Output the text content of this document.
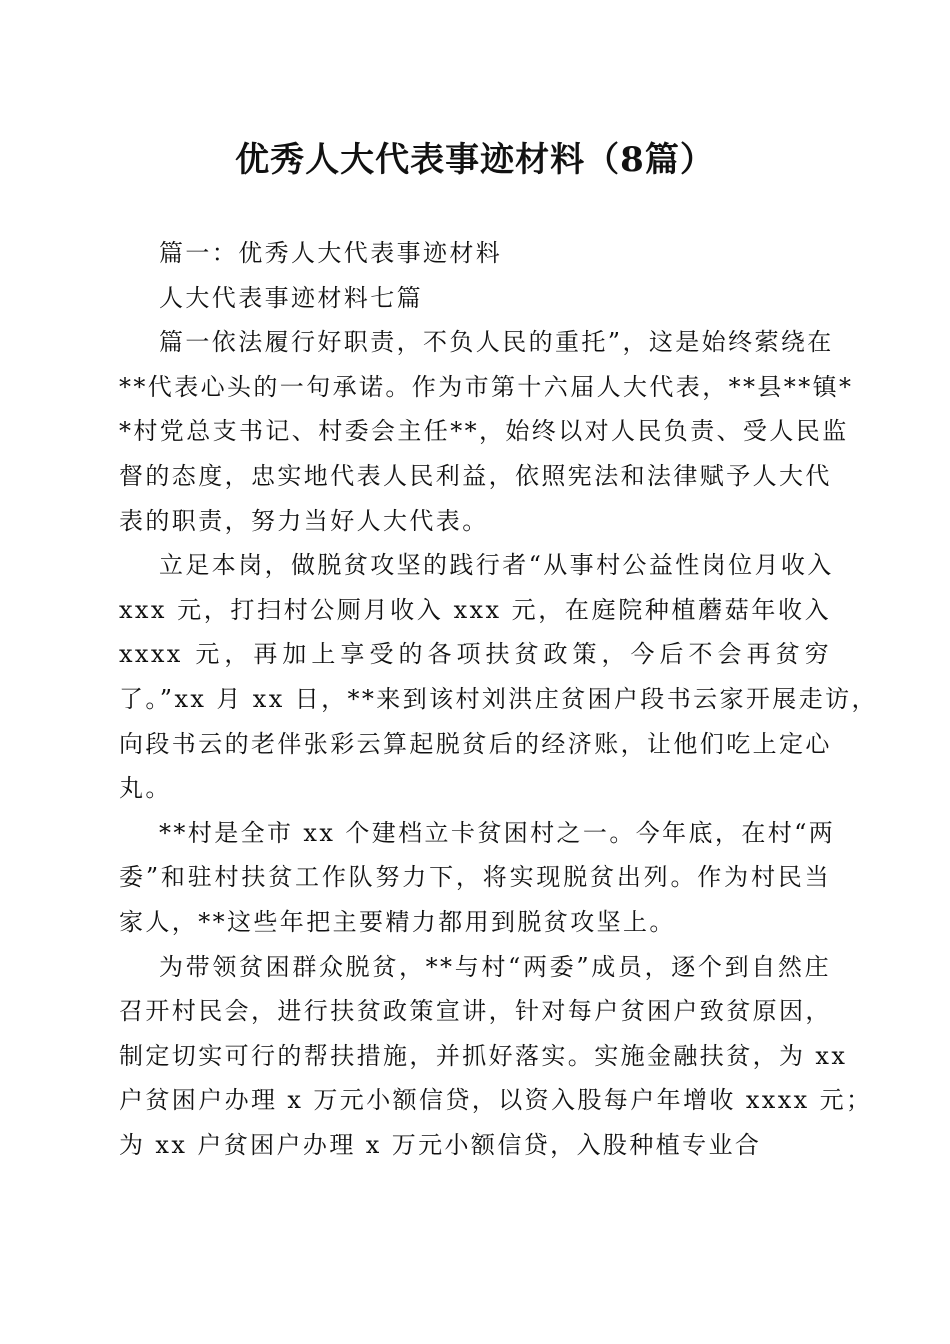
优秀人大代表事迹材料（8篇）
篇一：优秀人大代表事迹材料
人大代表事迹材料七篇
篇一依法履行好职责，不负人民的重托”，这是始终萦绕在
**代表心头的一句承诺。作为市第十六届人大代表，**县**镇*
*村党总支书记、村委会主任**，始终以对人民负责、受人民监
督的态度，忠实地代表人民利益，依照宪法和法律赋予人大代
表的职责，努力当好人大代表。
立足本岗，做脱贫攻坚的践行者“从事村公益性岗位月收入
xxx 元，打扫村公厕月收入 xxx 元，在庭院种植蘑菇年收入
xxxx 元，再加上享受的各项扶贫政策，今后不会再贫穷
了。”xx 月 xx 日，**来到该村刘洪庄贫困户段书云家开展走访，
向段书云的老伴张彩云算起脱贫后的经济账，让他们吃上定心
丸。
**村是全市 xx 个建档立卡贫困村之一。今年底，在村“两
委”和驻村扶贫工作队努力下，将实现脱贫出列。作为村民当
家人，**这些年把主要精力都用到脱贫攻坚上。
为带领贫困群众脱贫，**与村“两委”成员，逐个到自然庄
召开村民会，进行扶贫政策宣讲，针对每户贫困户致贫原因，
制定切实可行的帮扶措施，并抓好落实。实施金融扶贫，为 xx
户贫困户办理 x 万元小额信贷，以资入股每户年增收 xxxx 元；
为 xx 户贫困户办理 x 万元小额信贷，入股种植专业合
